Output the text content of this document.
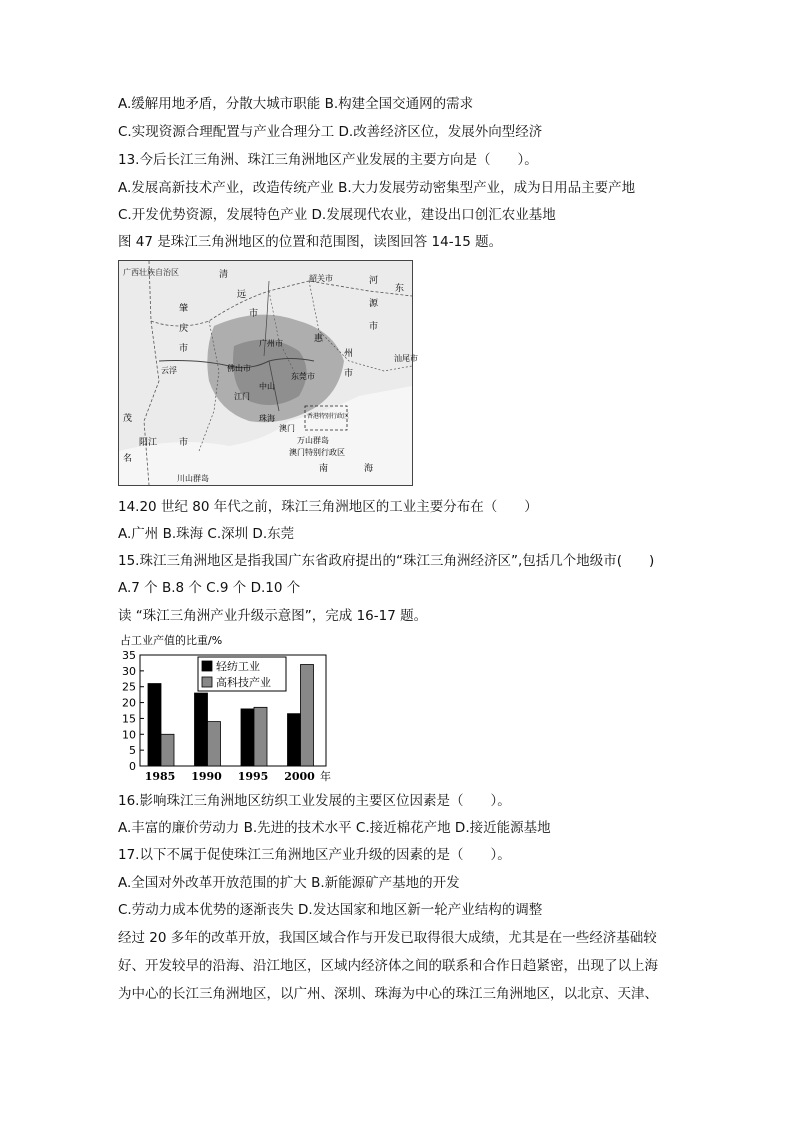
A.缓解用地矛盾，分散大城市职能 B.构建全国交通网的需求
C.实现资源合理配置与产业合理分工 D.改善经济区位，发展外向型经济
13.今后长江三角洲、珠江三角洲地区产业发展的主要方向是（　　）。
A.发展高新技术产业，改造传统产业 B.大力发展劳动密集型产业，成为日用品主要产地
C.开发优势资源，发展特色产业 D.发展现代农业，建设出口创汇农业基地
图 47 是珠江三角洲地区的位置和范围图，读图回答 14-15 题。
广西壮族自治区	清
远
市
韶关市	河
源
市
东
肇
庆
市
广州市	惠
州
市
汕尾市
佛山市
东莞市
云浮
江门
中山
珠海
澳门
香港特别行政区
万山群岛
澳门特别行政区
阳江 市
茂
名
南	海
川山群岛
14.20 世纪 80 年代之前，珠江三角洲地区的工业主要分布在（　　）
A.广州 B.珠海 C.深圳 D.东莞
15.珠江三角洲地区是指我国广东省政府提出的“珠江三角洲经济区”,包括几个地级市(　　)
A.7 个 B.8 个 C.9 个 D.10 个
读 “珠江三角洲产业升级示意图”，完成 16-17 题。
占工业产值的比重/%
0
5
10
15
20
25
30
35
1985 1990 1995 2000 年
轻纺工业
高科技产业
16.影响珠江三角洲地区纺织工业发展的主要区位因素是（　　）。
A.丰富的廉价劳动力 B.先进的技术水平 C.接近棉花产地 D.接近能源基地
17.以下不属于促使珠江三角洲地区产业升级的因素的是（　　）。
A.全国对外改革开放范围的扩大 B.新能源矿产基地的开发
C.劳动力成本优势的逐渐丧失 D.发达国家和地区新一轮产业结构的调整
经过 20 多年的改革开放，我国区域合作与开发已取得很大成绩，尤其是在一些经济基础较
好、开发较早的沿海、沿江地区，区域内经济体之间的联系和合作日趋紧密，出现了以上海
为中心的长江三角洲地区，以广州、深圳、珠海为中心的珠江三角洲地区，以北京、天津、
